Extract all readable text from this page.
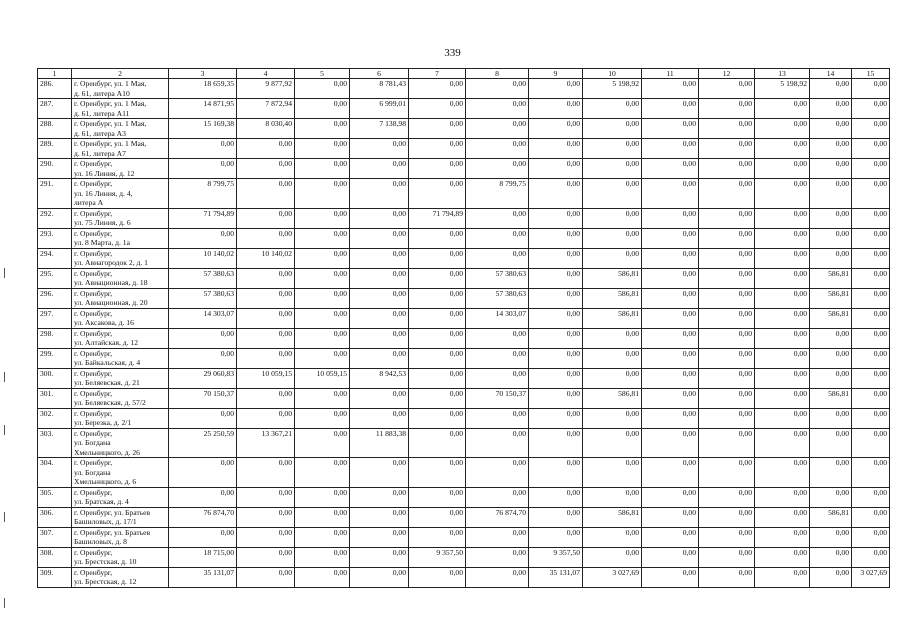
339
1	2	3	4	5	6	7	8	9	10	11	12	13	14	15
286.	г. Оренбург, ул. 1 Мая,
д. 61, литера А10	18 659,35	9 877,92	0,00	8 781,43	0,00	0,00	0,00	5 198,92	0,00	0,00	5 198,92	0,00	0,00
287.	г. Оренбург, ул. 1 Мая,
д. 61, литера А11	14 871,95	7 872,94	0,00	6 999,01	0,00	0,00	0,00	0,00	0,00	0,00	0,00	0,00	0,00
288.	г. Оренбург, ул. 1 Мая,
д. 61, литера А3	15 169,38	8 030,40	0,00	7 138,98	0,00	0,00	0,00	0,00	0,00	0,00	0,00	0,00	0,00
289.	г. Оренбург, ул. 1 Мая,
д. 61, литера А7	0,00	0,00	0,00	0,00	0,00	0,00	0,00	0,00	0,00	0,00	0,00	0,00	0,00
290.	г. Оренбург,
ул. 16 Линия, д. 12	0,00	0,00	0,00	0,00	0,00	0,00	0,00	0,00	0,00	0,00	0,00	0,00	0,00
291.	г. Оренбург,
ул. 16 Линия, д. 4,
литера А	8 799,75	0,00	0,00	0,00	0,00	8 799,75	0,00	0,00	0,00	0,00	0,00	0,00	0,00
292.	г. Оренбург,
ул. 75 Линия, д. 6	71 794,89	0,00	0,00	0,00	71 794,89	0,00	0,00	0,00	0,00	0,00	0,00	0,00	0,00
293.	г. Оренбург,
ул. 8 Марта, д. 1а	0,00	0,00	0,00	0,00	0,00	0,00	0,00	0,00	0,00	0,00	0,00	0,00	0,00
294.	г. Оренбург,
ул. Авиагородок 2, д. 1	10 140,02	10 140,02	0,00	0,00	0,00	0,00	0,00	0,00	0,00	0,00	0,00	0,00	0,00
295.	г. Оренбург,
ул. Авиационная, д. 18	57 380,63	0,00	0,00	0,00	0,00	57 380,63	0,00	586,81	0,00	0,00	0,00	586,81	0,00
296.	г. Оренбург,
ул. Авиационная, д. 20	57 380,63	0,00	0,00	0,00	0,00	57 380,63	0,00	586,81	0,00	0,00	0,00	586,81	0,00
297.	г. Оренбург,
ул. Аксакова, д. 16	14 303,07	0,00	0,00	0,00	0,00	14 303,07	0,00	586,81	0,00	0,00	0,00	586,81	0,00
298.	г. Оренбург,
ул. Алтайская, д. 12	0,00	0,00	0,00	0,00	0,00	0,00	0,00	0,00	0,00	0,00	0,00	0,00	0,00
299.	г. Оренбург,
ул. Байкальская, д. 4	0,00	0,00	0,00	0,00	0,00	0,00	0,00	0,00	0,00	0,00	0,00	0,00	0,00
300.	г. Оренбург,
ул. Беляевская, д. 21	29 060,83	10 059,15	10 059,15	8 942,53	0,00	0,00	0,00	0,00	0,00	0,00	0,00	0,00	0,00
301.	г. Оренбург,
ул. Беляевская, д. 57/2	70 150,37	0,00	0,00	0,00	0,00	70 150,37	0,00	586,81	0,00	0,00	0,00	586,81	0,00
302.	г. Оренбург,
ул. Березка, д. 2/1	0,00	0,00	0,00	0,00	0,00	0,00	0,00	0,00	0,00	0,00	0,00	0,00	0,00
303.	г. Оренбург,
ул. Богдана
Хмельницкого, д. 26	25 250,59	13 367,21	0,00	11 883,38	0,00	0,00	0,00	0,00	0,00	0,00	0,00	0,00	0,00
304.	г. Оренбург,
ул. Богдана
Хмельницкого, д. 6	0,00	0,00	0,00	0,00	0,00	0,00	0,00	0,00	0,00	0,00	0,00	0,00	0,00
305.	г. Оренбург,
ул. Братская, д. 4	0,00	0,00	0,00	0,00	0,00	0,00	0,00	0,00	0,00	0,00	0,00	0,00	0,00
306.	г. Оренбург, ул. Братьев
Башиловых, д. 17/1	76 874,70	0,00	0,00	0,00	0,00	76 874,70	0,00	586,81	0,00	0,00	0,00	586,81	0,00
307.	г. Оренбург, ул. Братьев
Башиловых, д. 8	0,00	0,00	0,00	0,00	0,00	0,00	0,00	0,00	0,00	0,00	0,00	0,00	0,00
308.	г. Оренбург,
ул. Брестская, д. 10	18 715,00	0,00	0,00	0,00	9 357,50	0,00	9 357,50	0,00	0,00	0,00	0,00	0,00	0,00
309.	г. Оренбург,
ул. Брестская, д. 12	35 131,07	0,00	0,00	0,00	0,00	0,00	35 131,07	3 027,69	0,00	0,00	0,00	0,00	3 027,69
